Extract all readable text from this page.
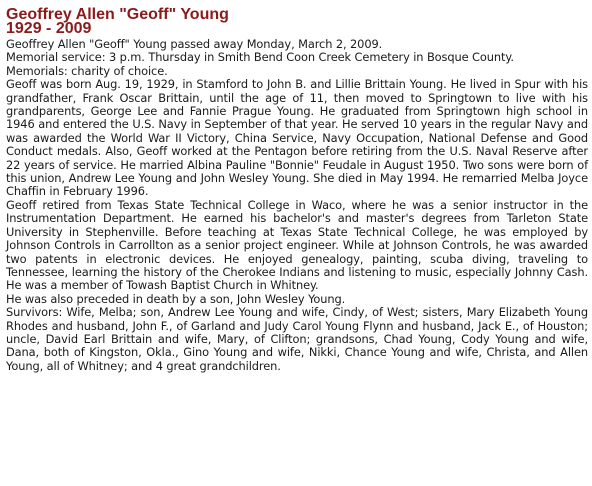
Geoffrey Allen "Geoff" Young
1929 - 2009

Geoffrey Allen "Geoff" Young passed away Monday, March 2, 2009.

Memorial service: 3 p.m. Thursday in Smith Bend Coon Creek Cemetery in Bosque County.

Memorials: charity of choice.

Geoff was born Aug. 19, 1929, in Stamford to John B. and Lillie Brittain Young. He lived in Spur with his grandfather, Frank Oscar Brittain, until the age of 11, then moved to Springtown to live with his grandparents, George Lee and Fannie Prague Young. He graduated from Springtown high school in 1946 and entered the U.S. Navy in September of that year. He served 10 years in the regular Navy and was awarded the World War II Victory, China Service, Navy Occupation, National Defense and Good Conduct medals. Also, Geoff worked at the Pentagon before retiring from the U.S. Naval Reserve after 22 years of service. He married Albina Pauline "Bonnie" Feudale in August 1950. Two sons were born of this union, Andrew Lee Young and John Wesley Young. She died in May 1994. He remarried Melba Joyce Chaffin in February 1996.

Geoff retired from Texas State Technical College in Waco, where he was a senior instructor in the Instrumentation Department. He earned his bachelor's and master's degrees from Tarleton State University in Stephenville. Before teaching at Texas State Technical College, he was employed by Johnson Controls in Carrollton as a senior project engineer. While at Johnson Controls, he was awarded two patents in electronic devices. He enjoyed genealogy, painting, scuba diving, traveling to Tennessee, learning the history of the Cherokee Indians and listening to music, especially Johnny Cash. He was a member of Towash Baptist Church in Whitney.

He was also preceded in death by a son, John Wesley Young.

Survivors: Wife, Melba; son, Andrew Lee Young and wife, Cindy, of West; sisters, Mary Elizabeth Young Rhodes and husband, John F., of Garland and Judy Carol Young Flynn and husband, Jack E., of Houston; uncle, David Earl Brittain and wife, Mary, of Clifton; grandsons, Chad Young, Cody Young and wife, Dana, both of Kingston, Okla., Gino Young and wife, Nikki, Chance Young and wife, Christa, and Allen Young, all of Whitney; and 4 great grandchildren.
